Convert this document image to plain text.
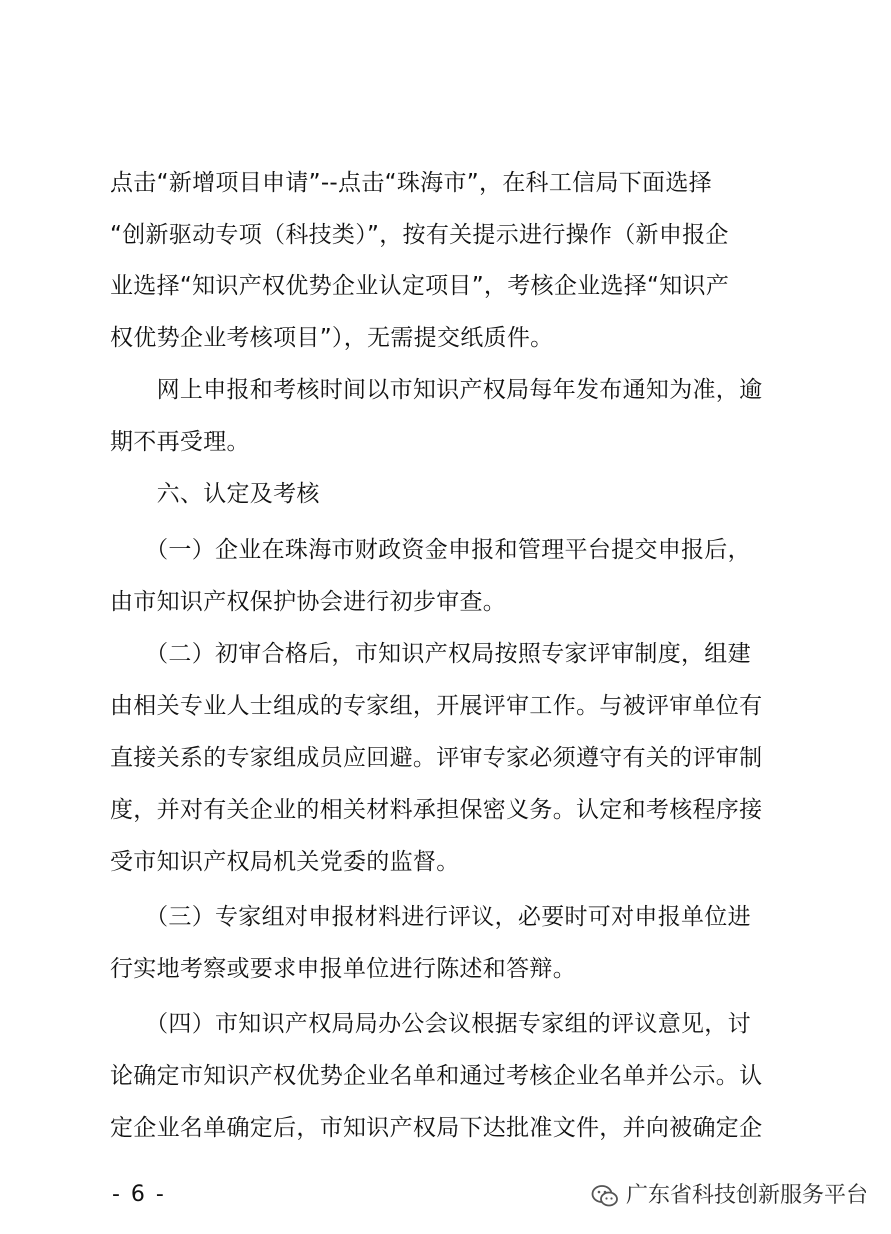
点击“新增项目申请”--点击“珠海市”，在科工信局下面选择
“创新驱动专项（科技类）”，按有关提示进行操作（新申报企
业选择“知识产权优势企业认定项目”，考核企业选择“知识产
权优势企业考核项目”），无需提交纸质件。
　　网上申报和考核时间以市知识产权局每年发布通知为准，逾
期不再受理。
　　六、认定及考核
　　（一）企业在珠海市财政资金申报和管理平台提交申报后，
由市知识产权保护协会进行初步审查。
　　（二）初审合格后，市知识产权局按照专家评审制度，组建
由相关专业人士组成的专家组，开展评审工作。与被评审单位有
直接关系的专家组成员应回避。评审专家必须遵守有关的评审制
度，并对有关企业的相关材料承担保密义务。认定和考核程序接
受市知识产权局机关党委的监督。
　　（三）专家组对申报材料进行评议，必要时可对申报单位进
行实地考察或要求申报单位进行陈述和答辩。
　　（四）市知识产权局局办公会议根据专家组的评议意见，讨
论确定市知识产权优势企业名单和通过考核企业名单并公示。认
定企业名单确定后，市知识产权局下达批准文件，并向被确定企
- 6 -	广东省科技创新服务平台
